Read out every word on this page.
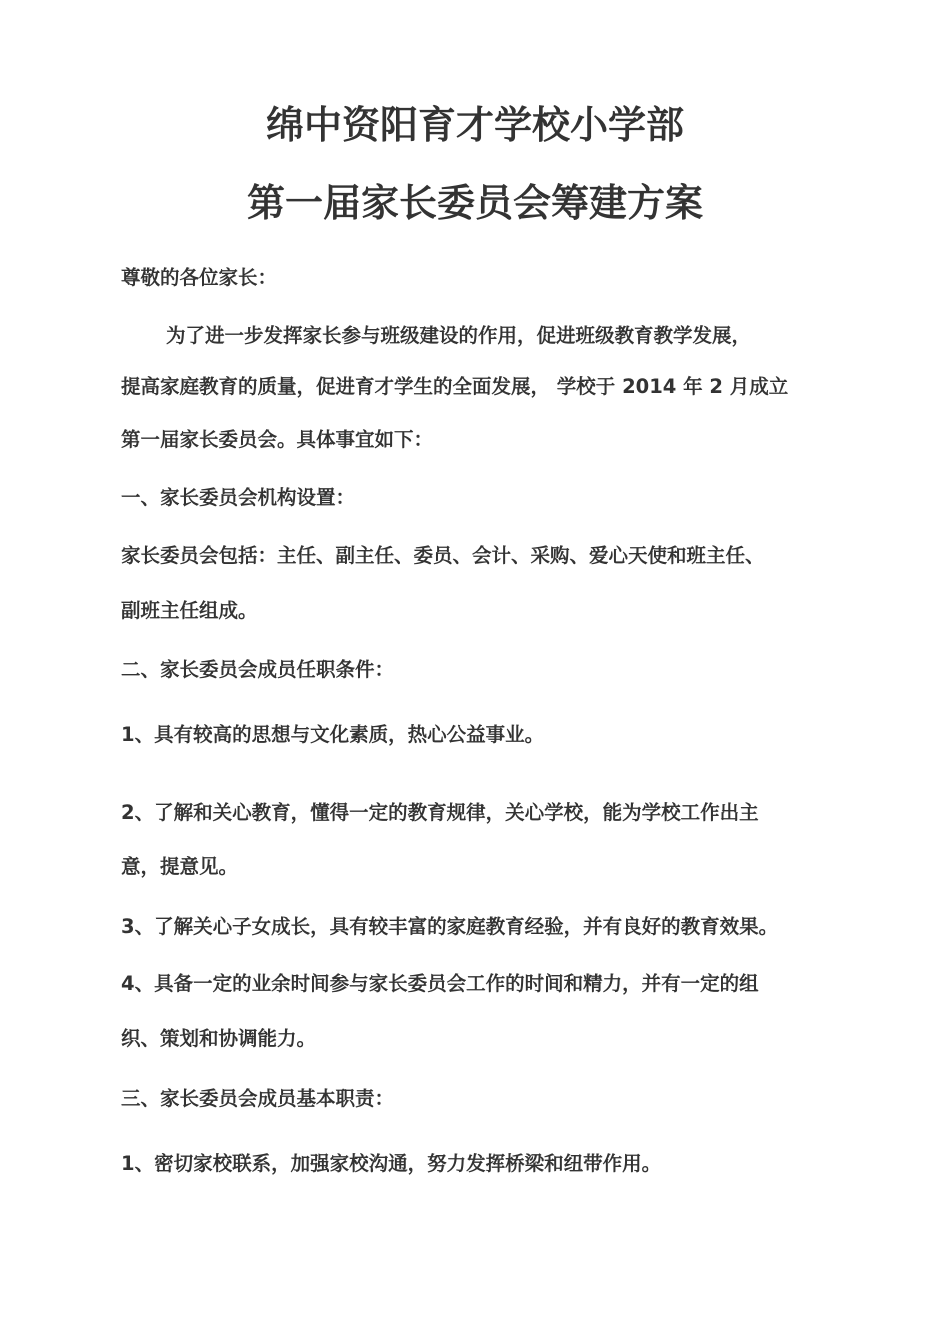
绵中资阳育才学校小学部
第一届家长委员会筹建方案
尊敬的各位家长：
为了进一步发挥家长参与班级建设的作用，促进班级教育教学发展，
提高家庭教育的质量，促进育才学生的全面发展， 学校于 2014 年 2 月成立
第一届家长委员会。具体事宜如下：
一、家长委员会机构设置：
家长委员会包括：主任、副主任、委员、会计、采购、爱心天使和班主任、
副班主任组成。
二、家长委员会成员任职条件：
1、具有较高的思想与文化素质，热心公益事业。
2、了解和关心教育，懂得一定的教育规律，关心学校，能为学校工作出主
意，提意见。
3、了解关心子女成长，具有较丰富的家庭教育经验，并有良好的教育效果。
4、具备一定的业余时间参与家长委员会工作的时间和精力，并有一定的组
织、策划和协调能力。
三、家长委员会成员基本职责：
1、密切家校联系，加强家校沟通，努力发挥桥梁和纽带作用。
